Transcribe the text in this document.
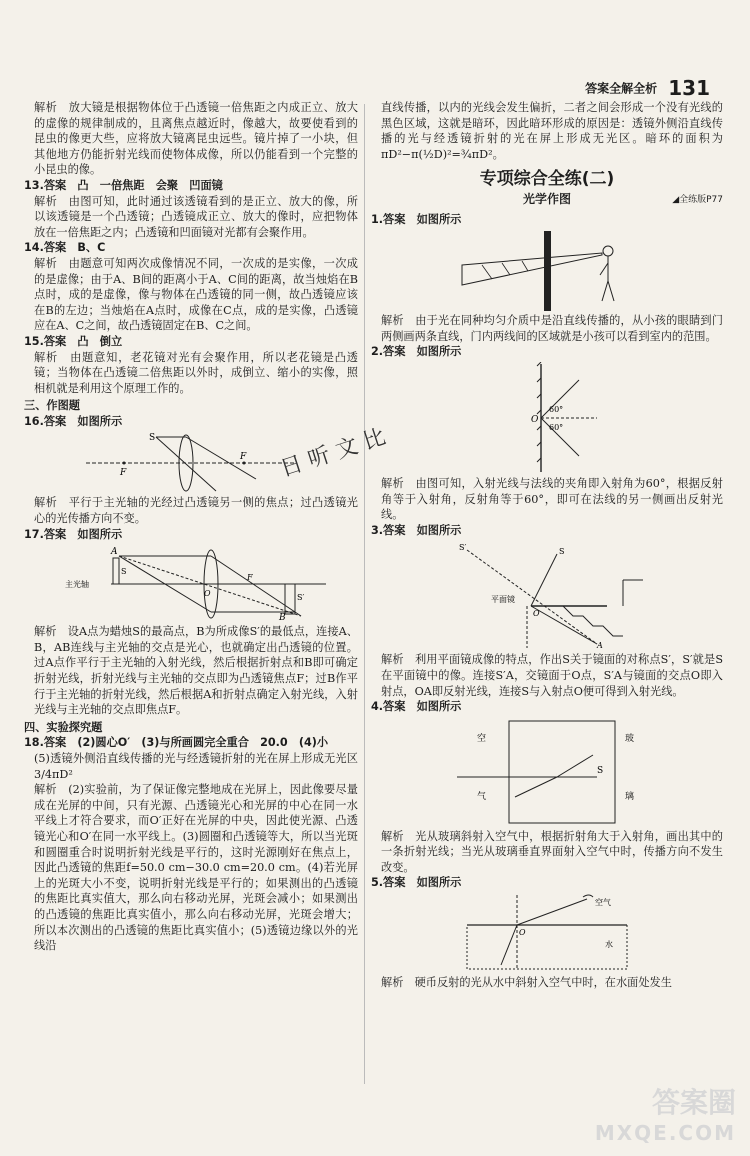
答案全解全析 131

解析　放大镜是根据物体位于凸透镜一倍焦距之内成正立、放大的虚像的规律制成的，且离焦点越近时，像越大，故要使看到的昆虫的像更大些，应将放大镜离昆虫远些。镜片掉了一小块，但其他地方仍能折射光线而使物体成像，所以仍能看到一个完整的小昆虫的像。

13.答案　凸　一倍焦距　会聚　凹面镜

解析　由图可知，此时通过该透镜看到的是正立、放大的像，所以该透镜是一个凸透镜；凸透镜成正立、放大的像时，应把物体放在一倍焦距之内；凸透镜和凹面镜对光都有会聚作用。

14.答案　B、C

解析　由题意可知两次成像情况不同，一次成的是实像，一次成的是虚像；由于A、B间的距离小于A、C间的距离，故当烛焰在B点时，成的是虚像，像与物体在凸透镜的同一侧，故凸透镜应该在B的左边；当烛焰在A点时，成像在C点，成的是实像，凸透镜应在A、C之间，故凸透镜固定在B、C之间。

15.答案　凸　倒立

解析　由题意知，老花镜对光有会聚作用，所以老花镜是凸透镜；当物体在凸透镜二倍焦距以外时，成倒立、缩小的实像，照相机就是利用这个原理工作的。

三、作图题

16.答案　如图所示

S
F
F

解析　平行于主光轴的光经过凸透镜另一侧的焦点；过凸透镜光心的光传播方向不变。

17.答案　如图所示

A
B
S
S′
F
O
主光轴

解析　设A点为蜡烛S的最高点，B为所成像S′的最低点，连接A、B，AB连线与主光轴的交点是光心，也就确定出凸透镜的位置。过A点作平行于主光轴的入射光线，然后根据折射点和B即可确定折射光线，折射光线与主光轴的交点即为凸透镜焦点F；过B作平行于主光轴的折射光线，然后根据A和折射点确定入射光线，入射光线与主光轴的交点即焦点F。

四、实验探究题

18.答案　(2)圆心O′　(3)与所画圆完全重合　20.0　(4)小

(5)透镜外侧沿直线传播的光与经透镜折射的光在屏上形成无光区　3/4πD²

解析　(2)实验前，为了保证像完整地成在光屏上，因此像要尽量成在光屏的中间，只有光源、凸透镜光心和光屏的中心在同一水平线上才符合要求，而O′正好在光屏的中央，因此使光源、凸透镜光心和O′在同一水平线上。(3)圆圈和凸透镜等大，所以当光斑和圆圈重合时说明折射光线是平行的，这时光源刚好在焦点上，因此凸透镜的焦距f=50.0 cm−30.0 cm=20.0 cm。(4)若光屏上的光斑大小不变，说明折射光线是平行的；如果测出的凸透镜的焦距比真实值大，那么向右移动光屏，光斑会减小；如果测出的凸透镜的焦距比真实值小，那么向右移动光屏，光斑会增大；所以本次测出的凸透镜的焦距比真实值小；(5)透镜边缘以外的光线沿

直线传播，以内的光线会发生偏折，二者之间会形成一个没有光线的黑色区域，这就是暗环，因此暗环形成的原因是：透镜外侧沿直线传播的光与经透镜折射的光在屏上形成无光区。暗环的面积为πD²−π(½D)²=¾πD²。

专项综合全练(二)
光学作图	◢全练版P77

1.答案　如图所示

解析　由于光在同种均匀介质中是沿直线传播的，从小孩的眼睛到门两侧画两条直线，门内两线间的区域就是小孩可以看到室内的范围。

2.答案　如图所示

O
60°
60°

解析　由图可知，入射光线与法线的夹角即入射角为60°，根据反射角等于入射角，反射角等于60°，即可在法线的另一侧画出反射光线。

3.答案　如图所示

S′	S
O
A
平面镜

解析　利用平面镜成像的特点，作出S关于镜面的对称点S′，S′就是S在平面镜中的像。连接S′A，交镜面于O点，S′A与镜面的交点O即入射点，OA即反射光线，连接S与入射点O便可得到入射光线。

4.答案　如图所示

空
气
玻
璃
S

解析　光从玻璃斜射入空气中，根据折射角大于入射角，画出其中的一条折射光线；当光从玻璃垂直界面射入空气中时，传播方向不发生改变。

5.答案　如图所示

空气
水
O

解析　硬币反射的光从水中斜射入空气中时，在水面处发生

日 听 文 比
答案圈
MXQE.COM
